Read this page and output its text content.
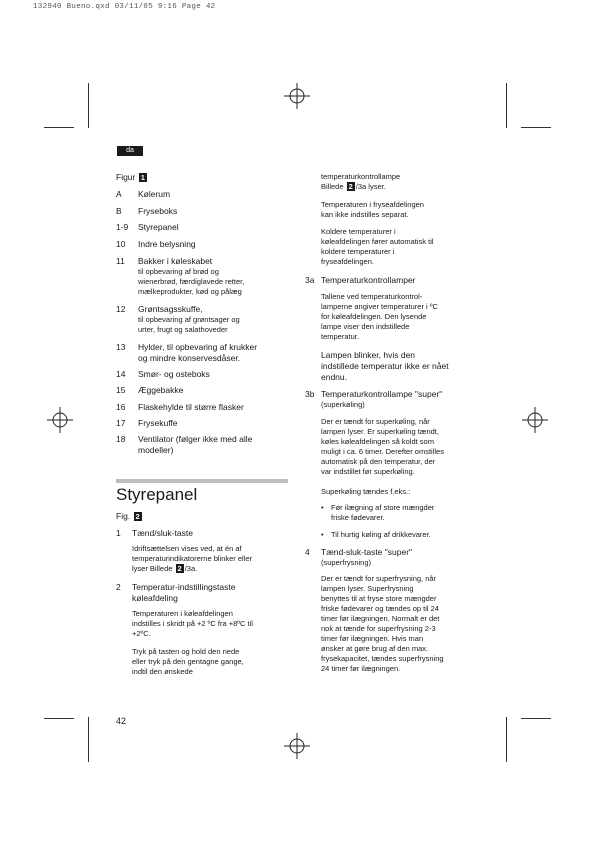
132940 Bueno.qxd 03/11/05 9:16 Page 42
da
Figur 1
A	Kølerum
B	Fryseboks
1-9	Styrepanel
10	Indre belysning
11	Bakker i køleskabet
til opbevaring af brød og
wienerbrød, færdiglavede retter,
mælkeprodukter, kød og pålæg
12	Grøntsagsskuffe,
til opbevaring af grøntsager og
urter, frugt og salathoveder
13	Hylder, til opbevaring af krukker
og mindre konservesdåser.
14	Smør- og osteboks
15	Æggebakke
16	Flaskehylde til større flasker
17	Frysekuffe
18	Ventilator (følger ikke med alle
modeller)
Styrepanel
Fig. 2
1	Tænd/sluk-taste
Idriftsættelsen vises ved, at én af
temperaturindikatorerne blinker eller
lyser Billede 2 /3a.
2	Temperatur-indstillingstaste
køleafdeling
Temperaturen i køleafdelingen
indstilles i skridt på +2 ºC fra +8ºC til
+2ºC.
Tryk på tasten og hold den nede
eller tryk på den gentagne gange,
indtil den ønskede
42
temperaturkontrollampe
Billede 2 /3a lyser.
Temperaturen i fryseafdelingen
kan ikke indstilles separat.
Koldere temperaturer i
køleafdelingen fører automatisk til
koldere temperaturer i
fryseafdelingen.
3a Temperaturkontrollamper
Tallene ved temperaturkontrol-
lamperne angiver temperaturer i ºC
for køleafdelingen. Den lysende
lampe viser den indstillede
temperatur.
Lampen blinker, hvis den
indstillede temperatur ikke er nået
endnu.
3b Temperaturkontrollampe "super"
(superkøling)
Der er tændt for superkøling, når
lampen lyser. Er superkøling tændt,
køles køleafdelingen så koldt som
muligt i ca. 6 timer. Derefter omstilles
automatisk på den temperatur, der
var indstillet før superkøling.
Superkøling tændes f.eks.:
• Før ilægning af store mængder
friske fødevarer.
• Til hurtig køling af drikkevarer.
4	Tænd-sluk-taste "super"
(superfrysning)
Der er tændt for superfrysning, når
lampen lyser. Superfrysning
benyttes til at fryse store mængder
friske fødevarer og tændes op til 24
timer før ilægningen. Normalt er det
nok at tænde for superfrysning 2-3
timer før ilægningen. Hvis man
ønsker at gøre brug af den max.
frysekapacitet, tændes superfrysning
24 timer før ilægningen.
